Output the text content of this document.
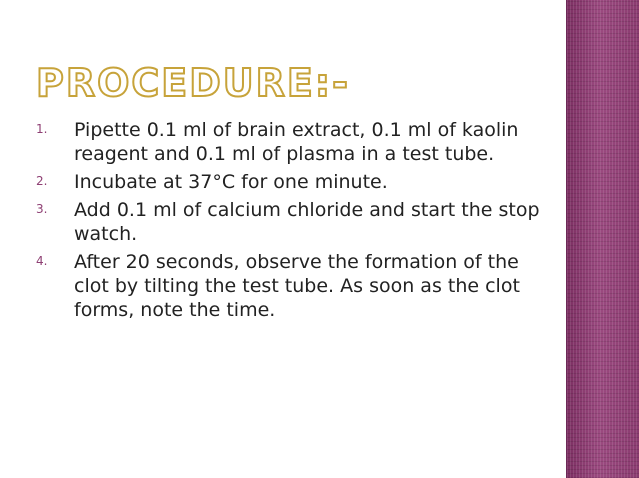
PROCEDURE:-
1. Pipette 0.1 ml of brain extract, 0.1 ml of kaolin reagent and 0.1 ml of plasma in a test tube.
2. Incubate at 37°C for one minute.
3. Add 0.1 ml of calcium chloride and start the stop watch.
4. After 20 seconds, observe the formation of the clot by tilting the test tube. As soon as the clot forms, note the time.
